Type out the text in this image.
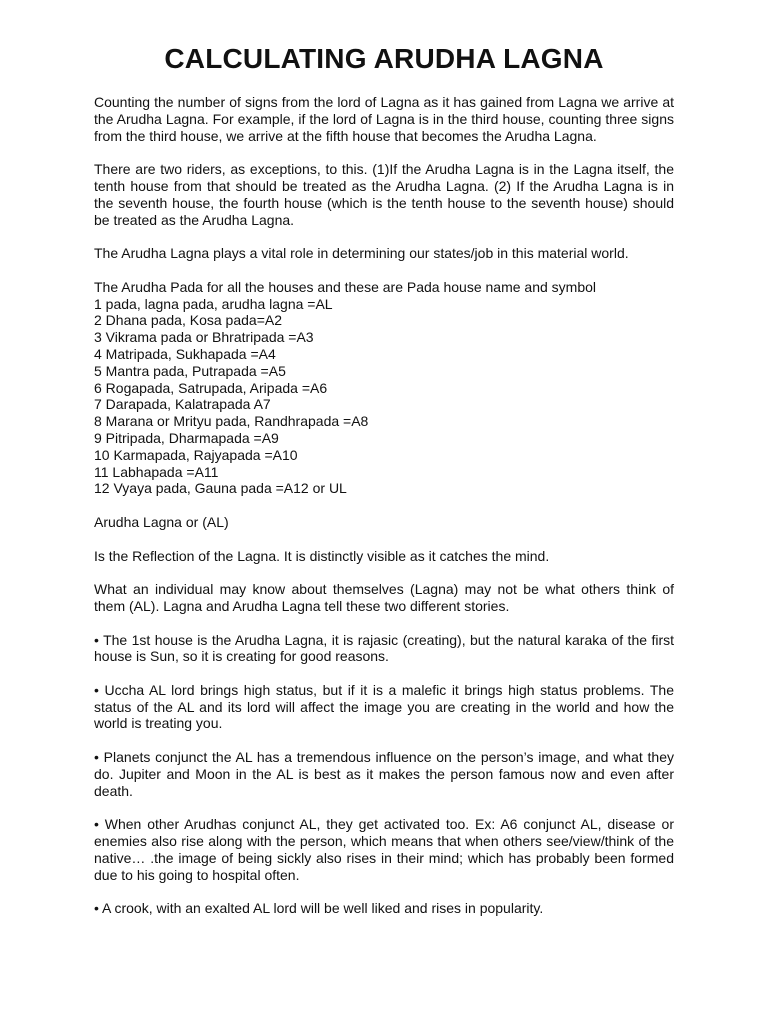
CALCULATING ARUDHA LAGNA

Counting the number of signs from the lord of Lagna as it has gained from Lagna we arrive at the Arudha Lagna. For example, if the lord of Lagna is in the third house, counting three signs from the third house, we arrive at the fifth house that becomes the Arudha Lagna.

There are two riders, as exceptions, to this. (1)If the Arudha Lagna is in the Lagna itself, the tenth house from that should be treated as the Arudha Lagna. (2) If the Arudha Lagna is in the seventh house, the fourth house (which is the tenth house to the seventh house) should be treated as the Arudha Lagna.

The Arudha Lagna plays a vital role in determining our states/job in this material world.

The Arudha Pada for all the houses and these are Pada house name and symbol
1 pada, lagna pada, arudha lagna =AL
2 Dhana pada, Kosa pada=A2
3 Vikrama pada or Bhratripada =A3
4 Matripada, Sukhapada =A4
5 Mantra pada, Putrapada =A5
6 Rogapada, Satrupada, Aripada =A6
7 Darapada, Kalatrapada A7
8 Marana or Mrityu pada, Randhrapada =A8
9 Pitripada, Dharmapada =A9
10 Karmapada, Rajyapada =A10
11 Labhapada =A11
12 Vyaya pada, Gauna pada =A12 or UL

Arudha Lagna or (AL)

Is the Reflection of the Lagna. It is distinctly visible as it catches the mind.

What an individual may know about themselves (Lagna) may not be what others think of them (AL). Lagna and Arudha Lagna tell these two different stories.

• The 1st house is the Arudha Lagna, it is rajasic (creating), but the natural karaka of the first house is Sun, so it is creating for good reasons.

• Uccha AL lord brings high status, but if it is a malefic it brings high status problems. The status of the AL and its lord will affect the image you are creating in the world and how the world is treating you.

• Planets conjunct the AL has a tremendous influence on the person’s image, and what they do. Jupiter and Moon in the AL is best as it makes the person famous now and even after death.

• When other Arudhas conjunct AL, they get activated too. Ex: A6 conjunct AL, disease or enemies also rise along with the person, which means that when others see/view/think of the native… .the image of being sickly also rises in their mind; which has probably been formed due to his going to hospital often.

• A crook, with an exalted AL lord will be well liked and rises in popularity.
